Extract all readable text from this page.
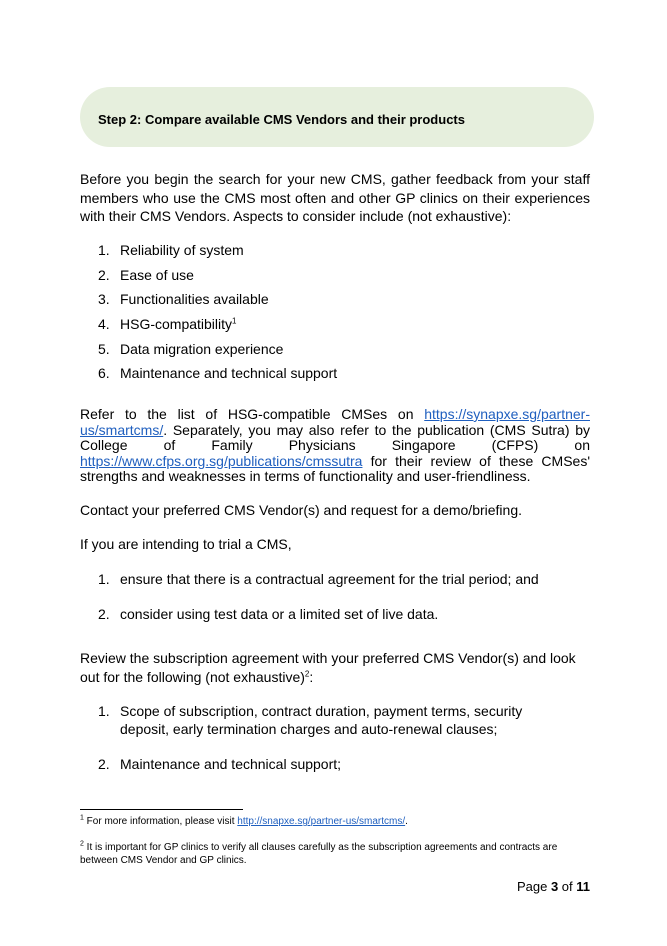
Step 2: Compare available CMS Vendors and their products

Before you begin the search for your new CMS, gather feedback from your staff members who use the CMS most often and other GP clinics on their experiences with their CMS Vendors. Aspects to consider include (not exhaustive):

1. Reliability of system
2. Ease of use
3. Functionalities available
4. HSG-compatibility$^1$
5. Data migration experience
6. Maintenance and technical support

Refer to the list of HSG-compatible CMSes on https://synapxe.sg/partner-us/smartcms/. Separately, you may also refer to the publication (CMS Sutra) by College of Family Physicians Singapore (CFPS) on https://www.cfps.org.sg/publications/cmssutra for their review of these CMSes' strengths and weaknesses in terms of functionality and user-friendliness.

Contact your preferred CMS Vendor(s) and request for a demo/briefing.

If you are intending to trial a CMS,

1. ensure that there is a contractual agreement for the trial period; and
2. consider using test data or a limited set of live data.

Review the subscription agreement with your preferred CMS Vendor(s) and look out for the following (not exhaustive)$^2$:

1. Scope of subscription, contract duration, payment terms, security deposit, early termination charges and auto-renewal clauses;
2. Maintenance and technical support;
$^1$ For more information, please visit http://snapxe.sg/partner-us/smartcms/.
$^2$ It is important for GP clinics to verify all clauses carefully as the subscription agreements and contracts are between CMS Vendor and GP clinics.
Page 3 of 11
